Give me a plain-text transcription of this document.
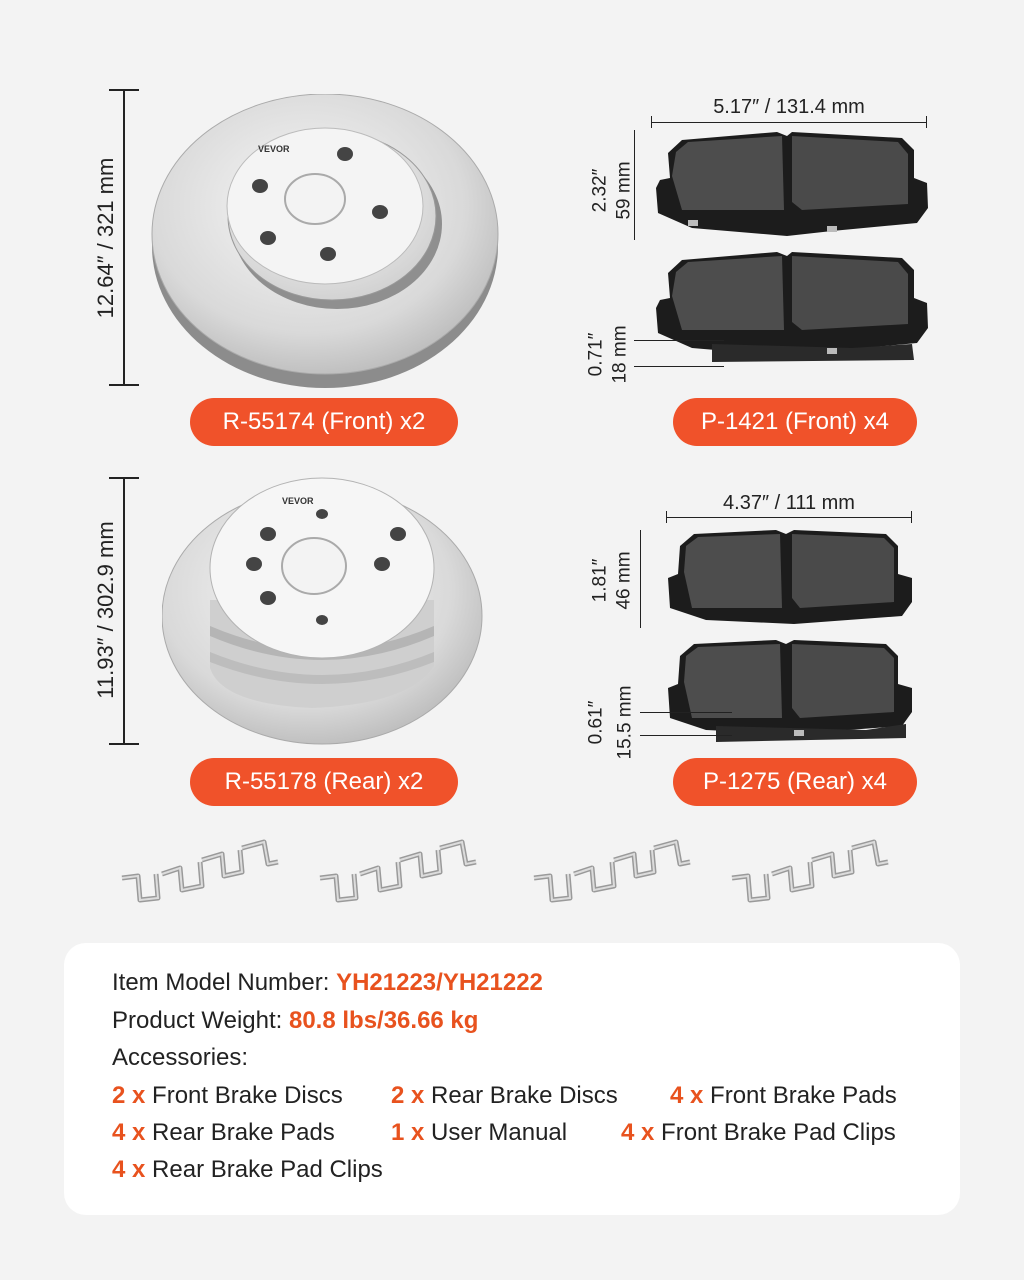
12.64″ / 321 mm
VEVOR
R-55174 (Front) x2
5.17″ / 131.4 mm
2.32″ 59 mm
0.71″ 18 mm
P-1421 (Front) x4
11.93″ / 302.9 mm
VEVOR
R-55178 (Rear) x2
4.37″ / 111 mm
1.81″ 46 mm
0.61″ 15.5 mm
P-1275 (Rear) x4
Item Model Number: YH21223/YH21222
Product Weight: 80.8 lbs/36.66 kg
Accessories:
2 x Front Brake Discs 2 x Rear Brake Discs 4 x Front Brake Pads
4 x Rear Brake Pads 1 x User Manual 4 x Front Brake Pad Clips
4 x Rear Brake Pad Clips
